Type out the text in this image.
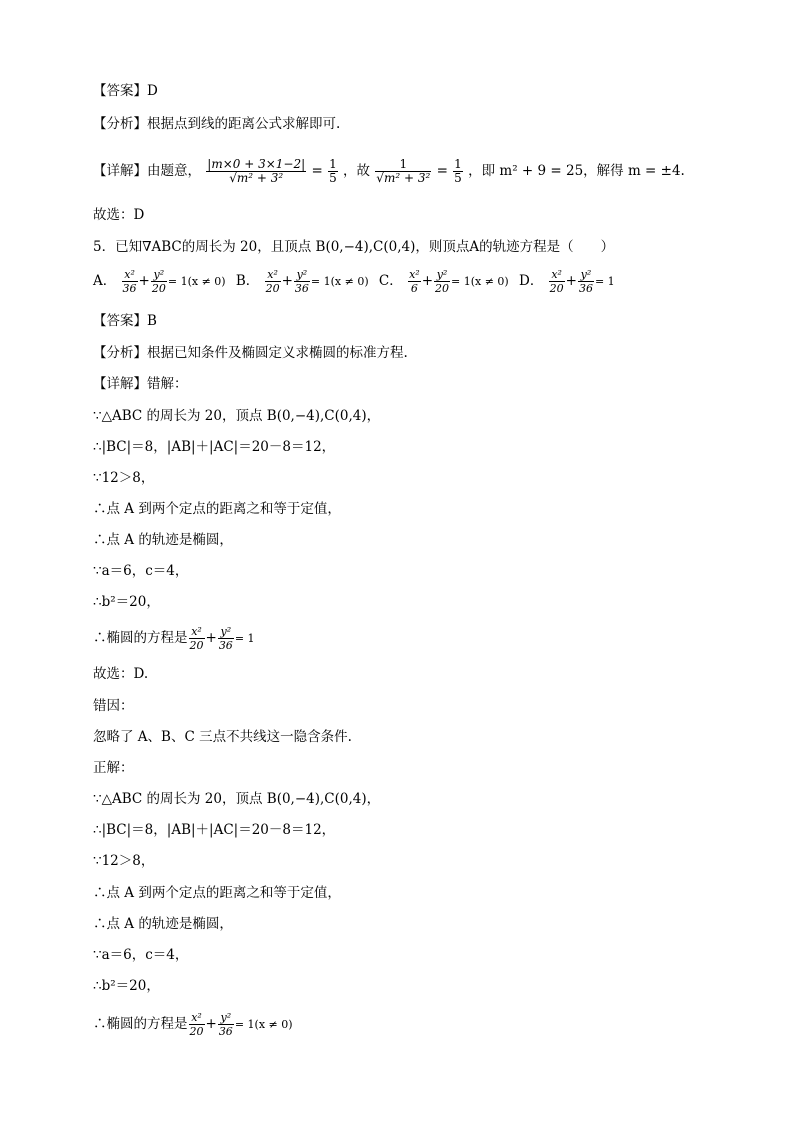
【答案】D
【分析】根据点到线的距离公式求解即可.
【详解】由题意， $\frac{|m\times 0 + 3\times 1-2|}{\text{√m² + 3²}} = \frac{1}{5}$ ，故 $\frac{1}{\text{√m² + 3²}} = \frac{1}{5}$ ，即 m² + 9 = 25，解得 m = ±4.
故选：D
5．已知∇ABC的周长为 20，且顶点 B(0,−4),C(0,4)，则顶点A的轨迹方程是（　　）
A． $\frac{\text{x²}}{36} + \frac{\text{y²}}{20} = 1(x \ne 0)$ B． $\frac{\text{x²}}{20} + \frac{\text{y²}}{36} = 1(x \ne 0)$ C． $\frac{\text{x²}}{6} + \frac{\text{y²}}{20} = 1(x \ne 0)$ D． $\frac{\text{x²}}{20} + \frac{\text{y²}}{36} = 1$
【答案】B
【分析】根据已知条件及椭圆定义求椭圆的标准方程.
【详解】错解：
∵△ABC 的周长为 20，顶点 B(0,−4),C(0,4)，
∴|BC|＝8，|AB|＋|AC|＝20－8＝12，
∵12＞8，
∴点 A 到两个定点的距离之和等于定值，
∴点 A 的轨迹是椭圆，
∵a＝6，c＝4，
∴b²＝20，
∴椭圆的方程是 $\frac{\text{x²}}{20} + \frac{\text{y²}}{36} = 1$
故选：D.
错因：
忽略了 A、B、C 三点不共线这一隐含条件.
正解：
∵△ABC 的周长为 20，顶点 B(0,−4),C(0,4)，
∴|BC|＝8，|AB|＋|AC|＝20－8＝12，
∵12＞8，
∴点 A 到两个定点的距离之和等于定值，
∴点 A 的轨迹是椭圆，
∵a＝6，c＝4，
∴b²＝20，
∴椭圆的方程是 $\frac{\text{x²}}{20} + \frac{\text{y²}}{36} = 1(x \ne 0)$
